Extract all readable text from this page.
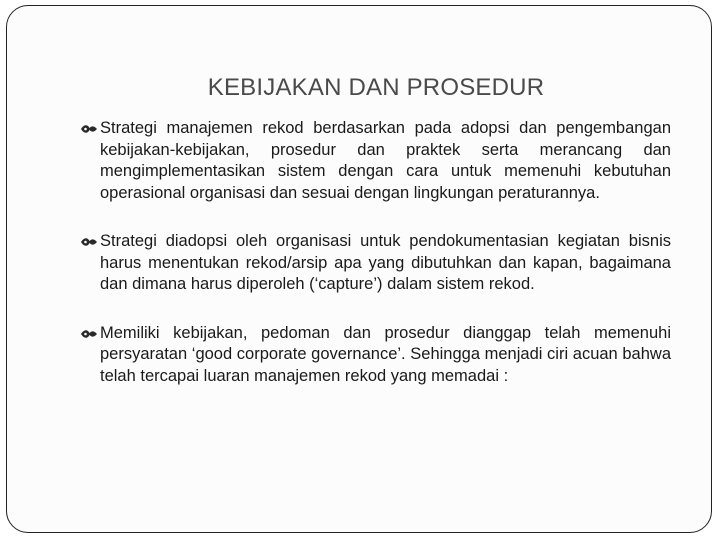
KEBIJAKAN DAN PROSEDUR
Strategi manajemen rekod berdasarkan pada adopsi dan pengembangan kebijakan-kebijakan, prosedur dan praktek serta merancang dan mengimplementasikan sistem dengan cara untuk memenuhi kebutuhan operasional organisasi dan sesuai dengan lingkungan peraturannya.
Strategi diadopsi oleh organisasi untuk pendokumentasian kegiatan bisnis harus menentukan rekod/arsip apa yang dibutuhkan dan kapan, bagaimana dan dimana harus diperoleh (‘capture’) dalam sistem rekod.
Memiliki kebijakan, pedoman dan prosedur dianggap telah memenuhi persyaratan ‘good corporate governance’. Sehingga menjadi ciri acuan bahwa telah tercapai luaran manajemen rekod yang memadai :
